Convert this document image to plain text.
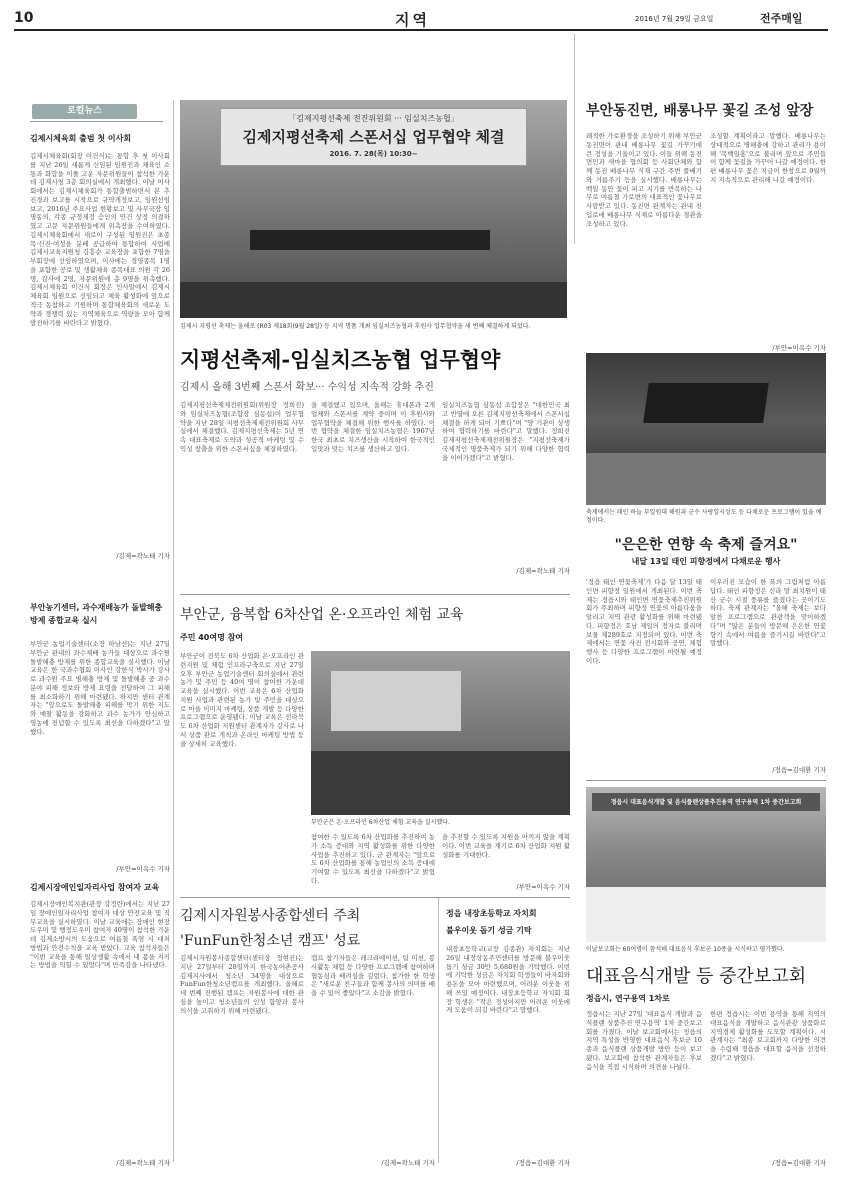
10	지역	2016년 7월 29일 금요일	전주매일
로컬뉴스
김제시체육회 출범 첫 이사회
김제시체육회(회장 이건식)는 통합 후 첫 이사회를 지난 26일 새롭게 신임된 임원진과 체육인 소통과 화합을 이룰 고운 자문위원들이 참석한 가운데 김제시청 3층 회의실에서 개최했다. 이날 이사회에서는 김제시체육회가 통합출범하면서 본 추진경과 보고를 시작으로 규약개정보고, 임원선임보고, 2016년 주요사업 현황보고 및 사무국장 임명동의, 각종 규정제정 승인의 안건 상정 의결하였고 고문 자문위원들에게 위촉장을 수여하였다. 김제시체육회에서 새로이 구성된 임원진은 초종목·신진·여성을 분배 공급하여 통합하여 사업에 김제시교육지원청 김흥순 교육장을 포함한 7명을 부회장에 선임하였으며, 이사에는 경영종목 1명을 포함한 공로 및 생활체육 종목대표 의원 각 26명, 감사에 2명, 자문위원에 총 9명을 위촉했다. 김제시체육회 이건식 회장은 인사말에서 김제시체육회 임원으로 선임되고 체육 활성화에 앞으로 적극 동참하고 기원하며 통합체육회의 새로운 도약과 경쟁력 있는 지역체육으로 역량을 모아 함께 발전하기를 바란다고 밝혔다.
/김제=곽노태 기자
부안농기센터, 과수재배농가 돌발해충 방제 종합교육 실시
부안군 농업기술센터(소장 하남선)는 지난 27일 부안군 관내의 과수재배 농가들 대상으로 과수원 돌발해충 방제를 위한 종합교육을 실시했다. 이날 교육은 한 국과수협회 이사인 강한식 박사가 강사로 과수원 주요 병해충 방제 및 돌발해충 중 과수분야 피해 정보와 방제 요령을 전달하여 그 피해를 최소화하기 위해 마련됐다. 하지만 센터 관계자는 "앞으로도 돌발해충 피해를 막기 위한 지도와 예찰 활동을 강화하고 과수 농가가 안심하고 영농에 전념할 수 있도록 최선을 다하겠다"고 말했다.
/부안=이옥수 기자
김제시장애인일자리사업 참여자 교육
김제시장애인복지관(관장 강정란)에서는 지난 27일 장애인일자리사업 참여자 대상 안전교육 및 직무교육을 실시하였다. 이날 교육에는 장애인 현장도우미 및 행정도우미 참여자 40명이 참석한 가운데 김제소방서의 도움으로 여름철 폭염 시 대처 방법과 안전수칙을 교육 받았다. 교육 참석자들은 "이번 교육을 통해 일상생활 속에서 내 몸을 지키는 방법을 익힐 수 있었다"며 만족감을 나타냈다.
/김제=곽노태 기자
「김제지평선축제 전진위원회 ··· 임실치즈농협」
김제지평선축제 스폰서십 업무협약 체결
2016. 7. 28(목) 10:30~
김제시 지평선 축제는 올해로 (R03 제18회(9월 28일) 등 지역 명품 개최 임실치즈농협과 후원사 업무협약을 세 번째 체결하게 되었다.
지평선축제-임실치즈농협 업무협약
김제시 올해 3번째 스폰서 확보··· 수익성 지속적 강화 추진
김제지평선축제제전위원회(위원장 정희진)와 임실치즈농협(조합장 심동섭)이 업무협약을 지난 28일 지평선축제제전위원회 사무실에서 체결했다. 김제지평선축제는 5년 연속 대표축제로 도약과 성공적 마케팅 및 수익성 창출을 위한 스폰서십을 체결하였다.
을 체결했고 있으며, 올해는 휴대폰과 2개 업체와 스폰서를 계약 중이며 이 후원사와 업무협약을 체결해 위한 행사를 하였다. 이번 협약을 체결한 임실치즈농협은 1967년 한국 최초로 치즈생산을 시작하여 한국적인 입맛과 맞는 치즈를 생산하고 있다.
임실치즈농협 심동섭 조합장은 "대한민국 최고 반열에 오른 김제지평선축제에서 스폰서십 체결을 하게 되어 기쁘다"며 "양 기관이 상생하여 협력하기를 바란다"고 말했다. 정희진 김제지평선축제제전위원장은 "지평선축제가 국제적인 명품축제가 되기 위해 다양한 협력을 이어가겠다"고 밝혔다.
/김제=곽노태 기자
부안군, 융복합 6차산업 온·오프라인 체험 교육
주민 40여명 참여
부안군이 전북도 6차 산업화 온·오프라인 관련지원 및 체험 인프라구축으로 지난 27일 오후 부안군 농업기술센터 회의실에서 관련 농가 및 주민 등 40여 명이 참여한 가운데 교육을 실시했다. 이번 교육은 6차 산업화 지원 사업과 관련된 농가 및 주민을 대상으로 마을 이미지 마케팅, 상품 개발 등 다양한 프로그램으로 운영됐다. 이날 교육은 전라북도 6차 산업화 지원센터 관계자가 강사로 나서 상품 판로 개척과 온라인 마케팅 방법 등을 상세히 교육했다.
부안군은 온·오프라인 6차산업 체험 교육을 실시했다.
참여한 수 있도록 6차 산업화를 추진하여 농가 소득 증대와 지역 활성화를 위한 다양한 사업을 추진하고 있다. 군 관계자는 "앞으로도 6차 산업화를 통해 농업인의 소득 증대에 기여할 수 있도록 최선을 다하겠다"고 밝혔다.
을 추진할 수 있도록 지원을 아끼지 않을 계획이다. 이번 교육을 계기로 6차 산업화 지원 활성화를 기대한다.
/부안=이옥수 기자
김제시자원봉사종합센터 주최
'FunFun한청소년 캠프' 성료
김제시자원봉사종합센터(센터장 정현진)는 지난 27일부터 28일까지 한국농어촌공사 김제지사에서 청소년 34명을 대상으로 FunFun한청소년캠프를 개최했다. 올해로 네 번째 진행된 캠프는 자원봉사에 대한 관심을 높이고 청소년들의 인성 함양과 봉사 의식을 고취하기 위해 마련됐다.
캠프 참가자들은 레크리에이션, 팀 미션, 봉사활동 체험 등 다양한 프로그램에 참여하며 협동심과 배려심을 길렀다. 참가한 한 학생은 "새로운 친구들과 함께 봉사의 의미를 배울 수 있어 좋았다"고 소감을 밝혔다.
/김제=곽노태 기자
정읍 내장초등학교 자치회
불우이웃 돕기 성금 기탁
내장초등학교(교장 김종관) 자치회는 지난 26일 내장상동주민센터를 방문해 불우이웃돕기 성금 30만 5,680원을 기탁했다. 이번에 기탁한 성금은 자치회 학생들이 바자회와 용돈을 모아 마련했으며, 어려운 이웃을 위해 쓰일 예정이다. 내장초등학교 자치회 회장 학생은 "작은 정성이지만 어려운 이웃에게 도움이 되길 바란다"고 말했다.
/정읍=김대환 기자
부안동진면, 배롱나무 꽃길 조성 앞장
쾌적한 가로환경을 조성하기 위해 부안군 동진면이 관내 배롱나무 꽃길 가꾸기에 큰 정성을 기울이고 있다. 이들 위해 동진 면민과 새마을 협의회 등 사회단체와 함께 동진 배롱나무 식재 구간 주변 풀베기와 거름주기 등을 실시했다. 배롱나무는 백일 동안 꽃이 피고 지기를 반복하는 나무로 여름철 가로변의 대표적인 꽃나무로 사랑받고 있다. 동진면 관계자는 관내 진입로에 배롱나무 식재로 아름다운 경관을 조성하고 있다.
조성할 계획이라고 말했다. 배롱나무는 상대적으로 병해충에 강하고 관리가 용이해 '목백일홍'으로 불리며 앞으로 주민들이 함께 꽃길을 가꾸어 나갈 예정이다. 한편 배롱나무 꽃은 지금이 한창으로 9월까지 지속적으로 관리해 나갈 예정이다.
/부안=이옥수 기자
축제에서는 태인 하늘 부일원대 해원과 군수 사랑일시상도 등 다채로운 프로그램이 있을 예정이다.
"은은한 연향 속 축제 즐겨요"
내달 13일 태인 피향정에서 다채로운 행사
'정읍 태인 연꽃축제'가 다음 달 13일 태인면 피향정 일원에서 개최된다. 이번 축제는 정읍시와 태인면 연꽃축제추진위원회가 주최하며 피향정 연꽃의 아름다움을 알리고 지역 관광 활성화를 위해 마련됐다. 피향정은 호남 제일의 정자로 불리며 보물 제289호로 지정되어 있다. 이번 축제에서는 연꽃 사진 전시회와 공연, 체험 행사 등 다양한 프로그램이 마련될 예정이다.
이우러진 모습이 한 폭의 그림처럼 아름답다. 태인 피향정은 신라 말 최치원이 태산 군수 시절 풍류를 즐겼다는 곳이기도 하다. 축제 관계자는 "올해 축제는 보다 알찬 프로그램으로 관광객을 맞이하겠다"며 "많은 분들이 방문해 은은한 연꽃 향기 속에서 여름을 즐기시길 바란다"고 말했다.
/정읍=김대환 기자
정읍시 대표음식개발 및 음식플랜상품추진용역 연구용역 1차 중간보고회
이날보고회는 60여명이 참석해 대표음식 후보군 10종을 시식하고 평가했다.
대표음식개발 등 중간보고회
정읍시, 연구용역 1차로
정읍시는 지난 27일 '대표음식 개발과 음식플랜 상품추진 연구용역' 1차 중간보고회를 가졌다. 이날 보고회에서는 정읍의 지역 특성을 반영한 대표음식 후보군 10종과 음식플랜 상품개발 방안 등이 보고됐다. 보고회에 참석한 관계자들은 후보 음식을 직접 시식하며 의견을 나눴다.
한편 정읍시는 이번 용역을 통해 지역의 대표음식을 개발하고 음식관광 상품화로 지역경제 활성화를 도모할 계획이다. 시 관계자는 "최종 보고회까지 다양한 의견을 수렴해 정읍을 대표할 음식을 선정하겠다"고 밝혔다.
/정읍=김대환 기자
